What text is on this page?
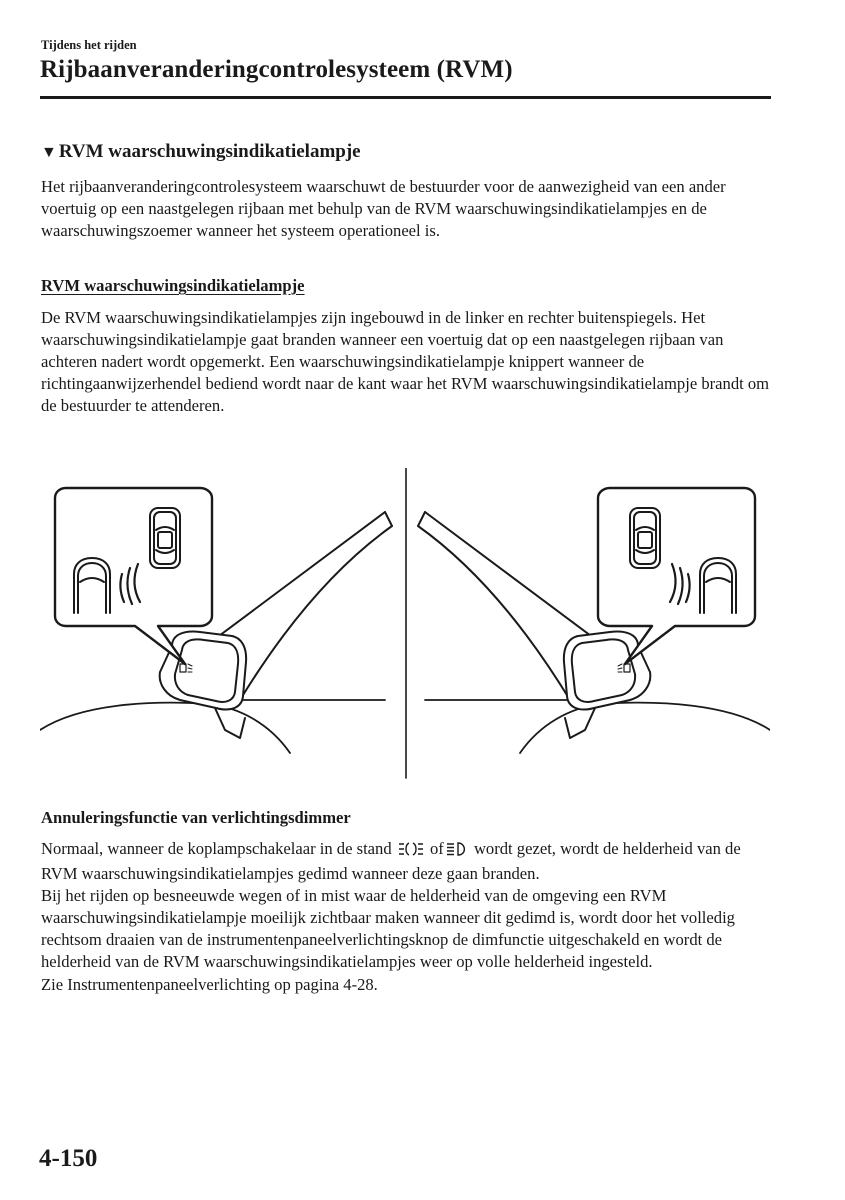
Tijdens het rijden
Rijbaanveranderingcontrolesysteem (RVM)
▼ RVM waarschuwingsindikatielampje
Het rijbaanveranderingcontrolesysteem waarschuwt de bestuurder voor de aanwezigheid van een ander voertuig op een naastgelegen rijbaan met behulp van de RVM waarschuwingsindikatielampjes en de waarschuwingszoemer wanneer het systeem operationeel is.
RVM waarschuwingsindikatielampje
De RVM waarschuwingsindikatielampjes zijn ingebouwd in de linker en rechter buitenspiegels. Het waarschuwingsindikatielampje gaat branden wanneer een voertuig dat op een naastgelegen rijbaan van achteren nadert wordt opgemerkt. Een waarschuwingsindikatielampje knippert wanneer de richtingaanwijzerhendel bediend wordt naar de kant waar het RVM waarschuwingsindikatielampje brandt om de bestuurder te attenderen.
Annuleringsfunctie van verlichtingsdimmer

Normaal, wanneer de koplampschakelaar in de stand of wordt gezet, wordt de helderheid van de RVM waarschuwingsindikatielampjes gedimd wanneer deze gaan branden.

Bij het rijden op besneeuwde wegen of in mist waar de helderheid van de omgeving een RVM waarschuwingsindikatielampje moeilijk zichtbaar maken wanneer dit gedimd is, wordt door het volledig rechtsom draaien van de instrumentenpaneelverlichtingsknop de dimfunctie uitgeschakeld en wordt de helderheid van de RVM waarschuwingsindikatielampjes weer op volle helderheid ingesteld.

Zie Instrumentenpaneelverlichting op pagina 4-28.

4-150
